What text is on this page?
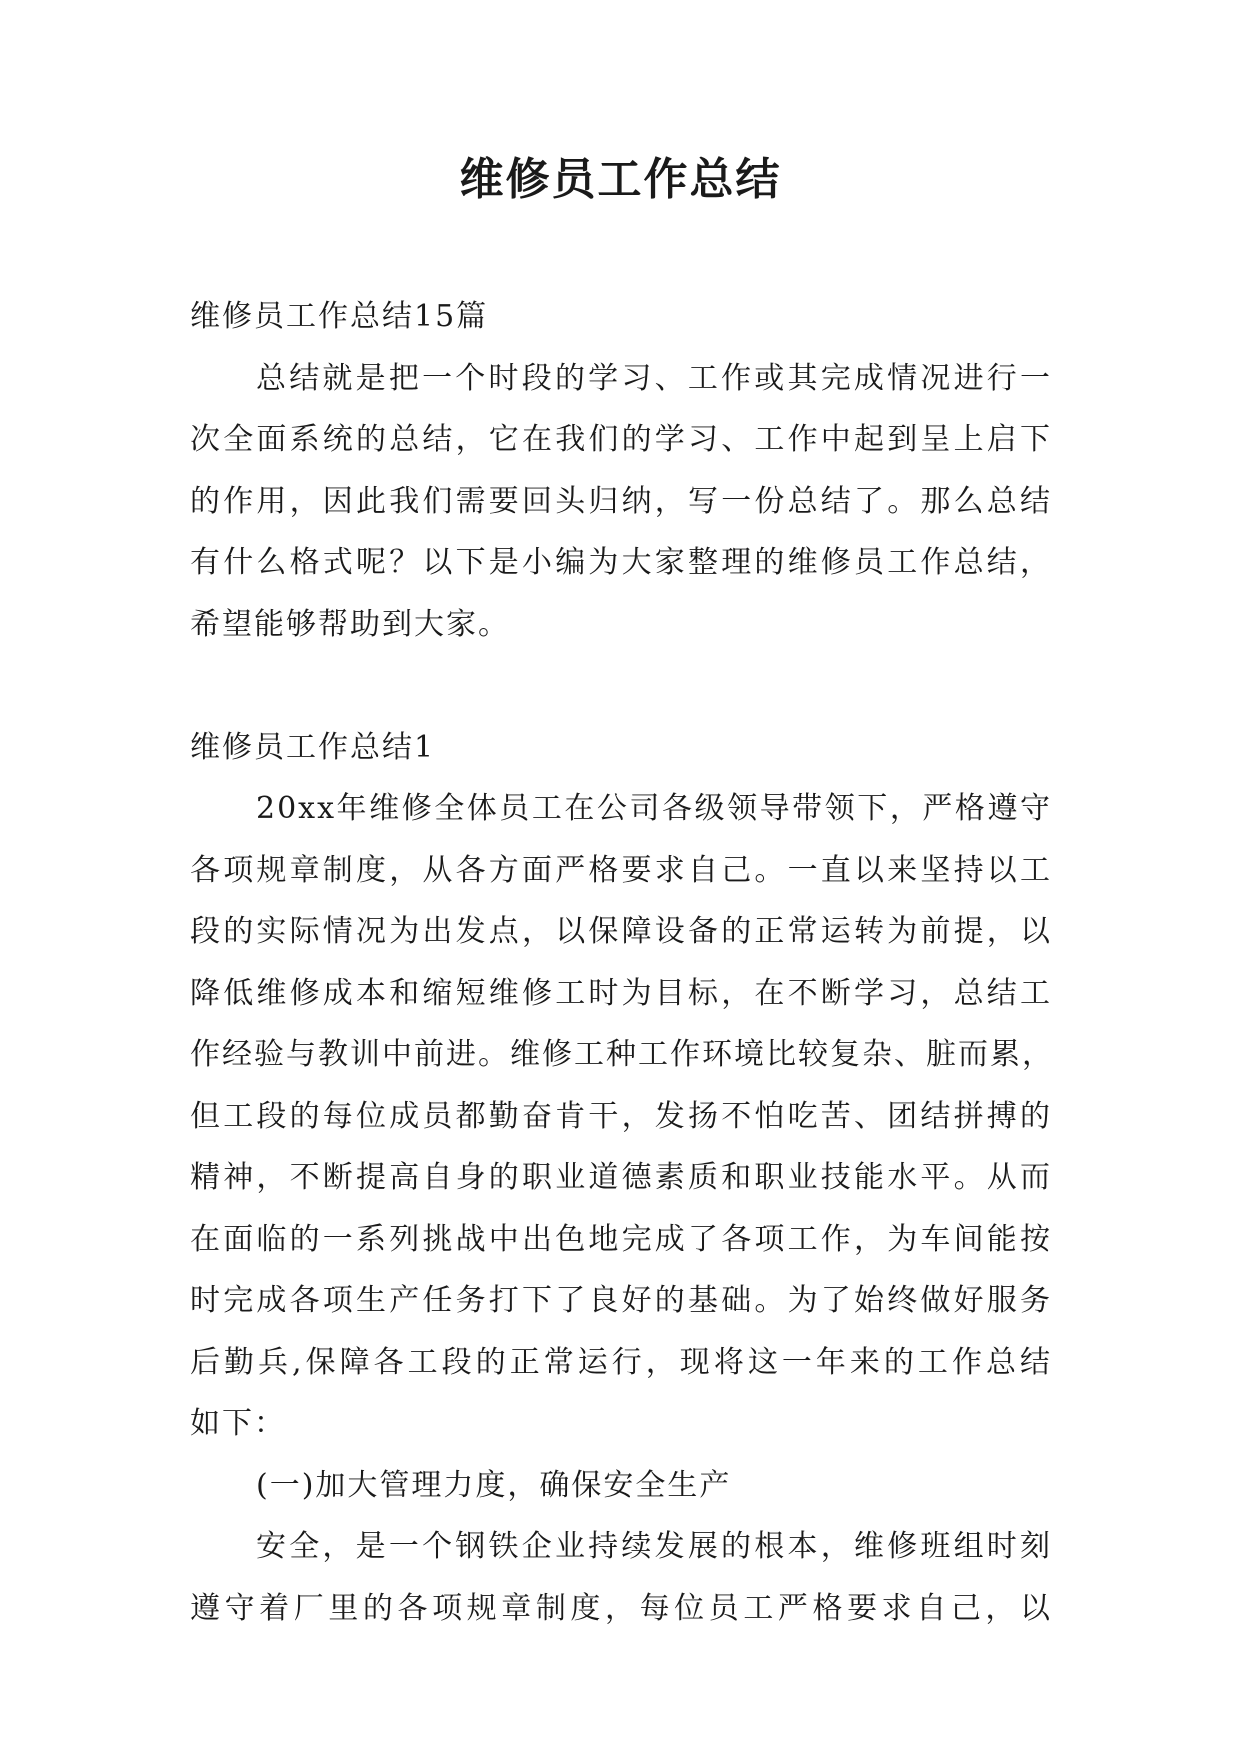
维修员工作总结

维修员工作总结15篇

总结就是把一个时段的学习、工作或其完成情况进行一

次全面系统的总结，它在我们的学习、工作中起到呈上启下

的作用，因此我们需要回头归纳，写一份总结了。那么总结

有什么格式呢？以下是小编为大家整理的维修员工作总结，

希望能够帮助到大家。

维修员工作总结1

20xx年维修全体员工在公司各级领导带领下，严格遵守

各项规章制度，从各方面严格要求自己。一直以来坚持以工

段的实际情况为出发点，以保障设备的正常运转为前提，以

降低维修成本和缩短维修工时为目标，在不断学习，总结工

作经验与教训中前进。维修工种工作环境比较复杂、脏而累，

但工段的每位成员都勤奋肯干，发扬不怕吃苦、团结拼搏的

精神，不断提高自身的职业道德素质和职业技能水平。从而

在面临的一系列挑战中出色地完成了各项工作，为车间能按

时完成各项生产任务打下了良好的基础。为了始终做好服务

后勤兵,保障各工段的正常运行，现将这一年来的工作总结

如下：

(一)加大管理力度，确保安全生产

安全，是一个钢铁企业持续发展的根本，维修班组时刻

遵守着厂里的各项规章制度，每位员工严格要求自己，以
